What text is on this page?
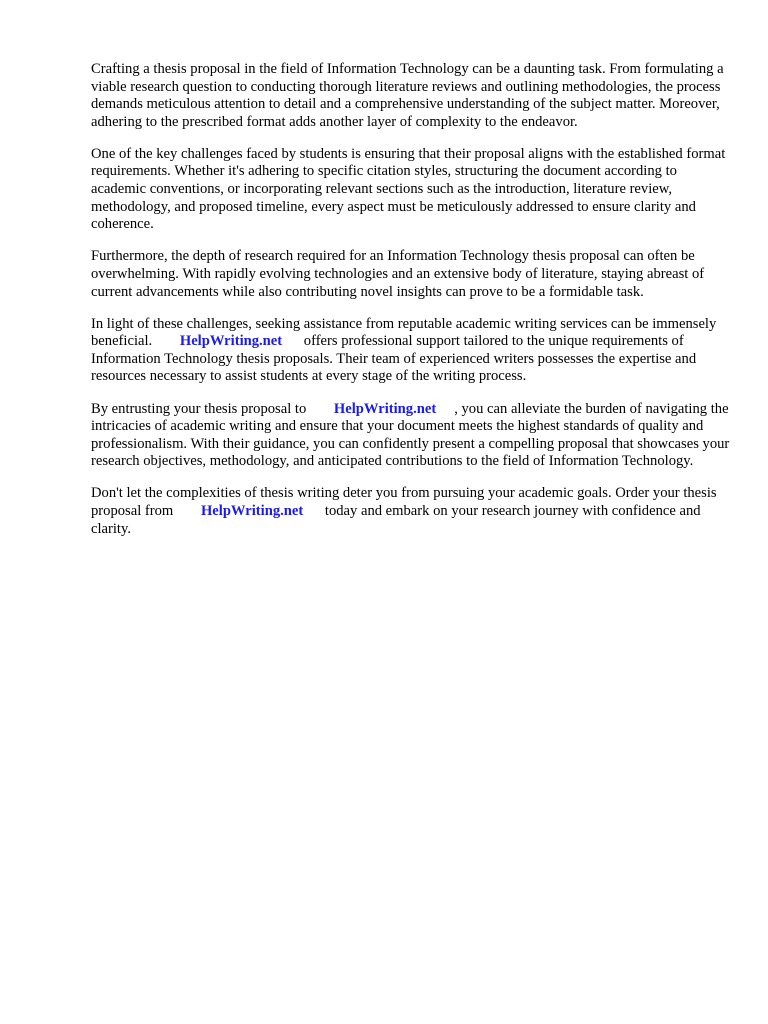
Crafting a thesis proposal in the field of Information Technology can be a daunting task. From formulating a viable research question to conducting thorough literature reviews and outlining methodologies, the process demands meticulous attention to detail and a comprehensive understanding of the subject matter. Moreover, adhering to the prescribed format adds another layer of complexity to the endeavor.

One of the key challenges faced by students is ensuring that their proposal aligns with the established format requirements. Whether it's adhering to specific citation styles, structuring the document according to academic conventions, or incorporating relevant sections such as the introduction, literature review, methodology, and proposed timeline, every aspect must be meticulously addressed to ensure clarity and coherence.

Furthermore, the depth of research required for an Information Technology thesis proposal can often be overwhelming. With rapidly evolving technologies and an extensive body of literature, staying abreast of current advancements while also contributing novel insights can prove to be a formidable task.

In light of these challenges, seeking assistance from reputable academic writing services can be immensely beneficial. HelpWriting.net offers professional support tailored to the unique requirements of Information Technology thesis proposals. Their team of experienced writers possesses the expertise and resources necessary to assist students at every stage of the writing process.

By entrusting your thesis proposal to HelpWriting.net , you can alleviate the burden of navigating the intricacies of academic writing and ensure that your document meets the highest standards of quality and professionalism. With their guidance, you can confidently present a compelling proposal that showcases your research objectives, methodology, and anticipated contributions to the field of Information Technology.

Don't let the complexities of thesis writing deter you from pursuing your academic goals. Order your thesis proposal from HelpWriting.net today and embark on your research journey with confidence and clarity.
